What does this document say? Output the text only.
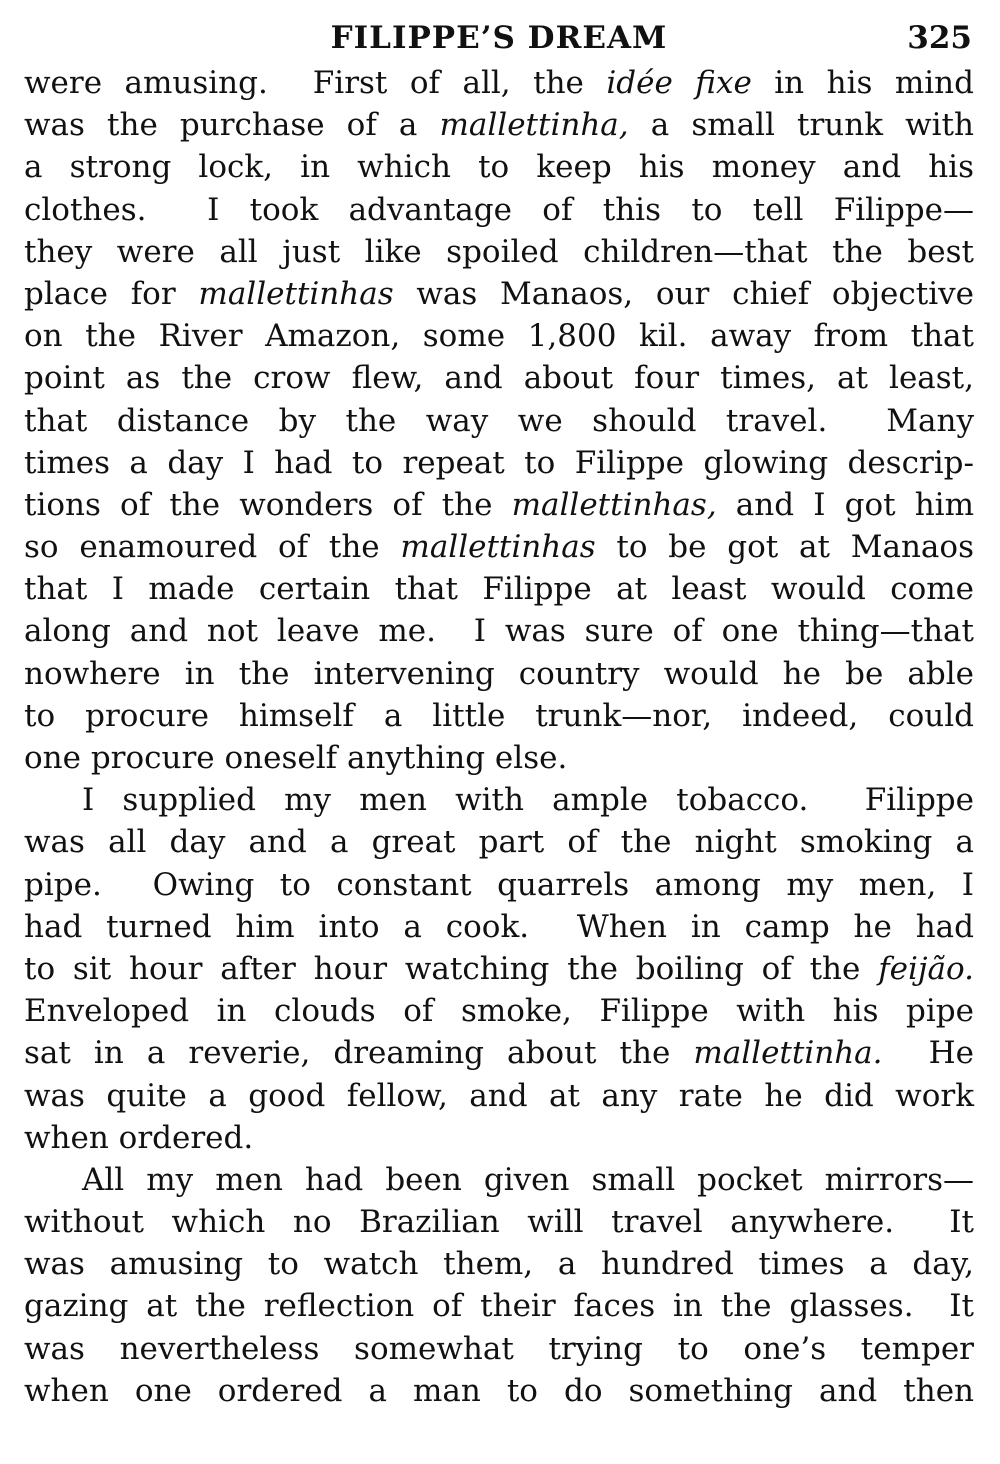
FILIPPE’S DREAM	325

were amusing.  First of all, the idée fixe in his mind
was the purchase of a mallettinha, a small trunk with
a strong lock, in which to keep his money and his
clothes.  I took advantage of this to tell Filippe—
they were all just like spoiled children—that the best
place for mallettinhas was Manaos, our chief objective
on the River Amazon, some 1,800 kil. away from that
point as the crow flew, and about four times, at least,
that distance by the way we should travel.  Many
times a day I had to repeat to Filippe glowing descrip-
tions of the wonders of the mallettinhas, and I got him
so enamoured of the mallettinhas to be got at Manaos
that I made certain that Filippe at least would come
along and not leave me.  I was sure of one thing—that
nowhere in the intervening country would he be able
to procure himself a little trunk—nor, indeed, could
one procure oneself anything else.

I supplied my men with ample tobacco.  Filippe
was all day and a great part of the night smoking a
pipe.  Owing to constant quarrels among my men, I
had turned him into a cook.  When in camp he had
to sit hour after hour watching the boiling of the feijão.
Enveloped in clouds of smoke, Filippe with his pipe
sat in a reverie, dreaming about the mallettinha.  He
was quite a good fellow, and at any rate he did work
when ordered.

All my men had been given small pocket mirrors—
without which no Brazilian will travel anywhere.  It
was amusing to watch them, a hundred times a day,
gazing at the reflection of their faces in the glasses.  It
was nevertheless somewhat trying to one’s temper
when one ordered a man to do something and then
